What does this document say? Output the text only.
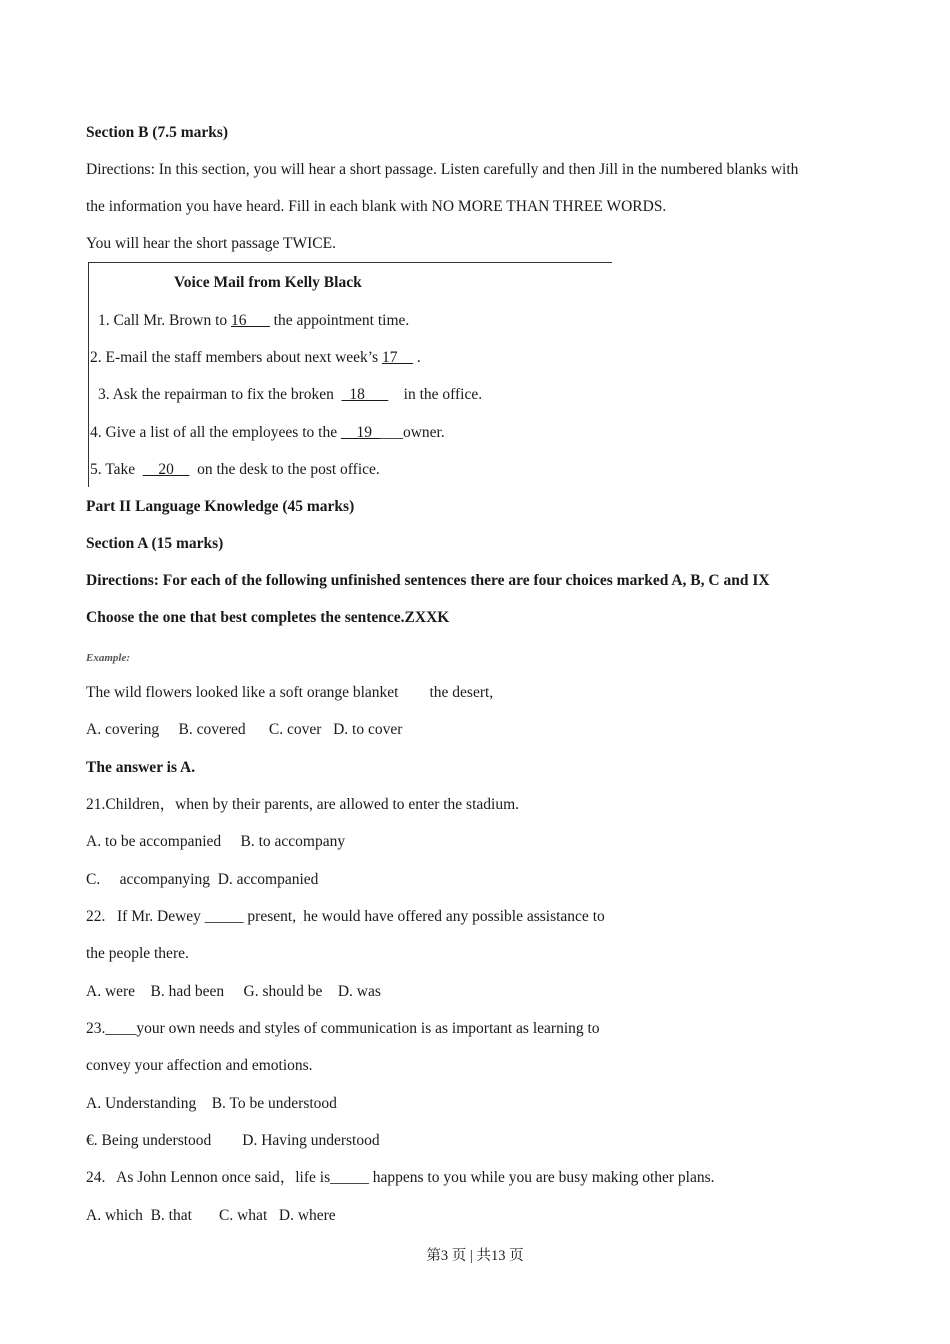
Section B (7.5 marks)
Directions: In this section, you will hear a short passage. Listen carefully and then Jill in the numbered blanks with
the information you have heard. Fill in each blank with NO MORE THAN THREE WORDS.
You will hear the short passage TWICE.
Voice Mail from Kelly Black
1. Call Mr. Brown to 16___ the appointment time.
2. E-mail the staff members about next week’s 17__ .
3. Ask the repairman to fix the broken  _18___    in the office.
4. Give a list of all the employees to the __19____owner.
5. Take  __20__  on the desk to the post office.
Part II Language Knowledge (45 marks)
Section A (15 marks)
Directions: For each of the following unfinished sentences there are four choices marked A, B, C and IX
Choose the one that best completes the sentence.ZXXK
Example:
The wild flowers looked like a soft orange blanket        the desert,
A. covering     B. covered      C. cover   D. to cover
The answer is A.
21.Children，when by their parents, are allowed to enter the stadium.
A. to be accompanied     B. to accompany
C.     accompanying  D. accompanied
22.   If Mr. Dewey _____ present, ˌhe would have offered any possible assistance to
the people there.
A. were    B. had been     G. should be    D. was
23.____your own needs and styles of communication is as important as learning to
convey your affection and emotions.
A. Understanding    B. To be understood
€. Being understood        D. Having understood
24.   As John Lennon once said，life is_____ happens to you while you are busy making other plans.
A. which  B. that       C. what   D. where
第3 页 | 共13 页
